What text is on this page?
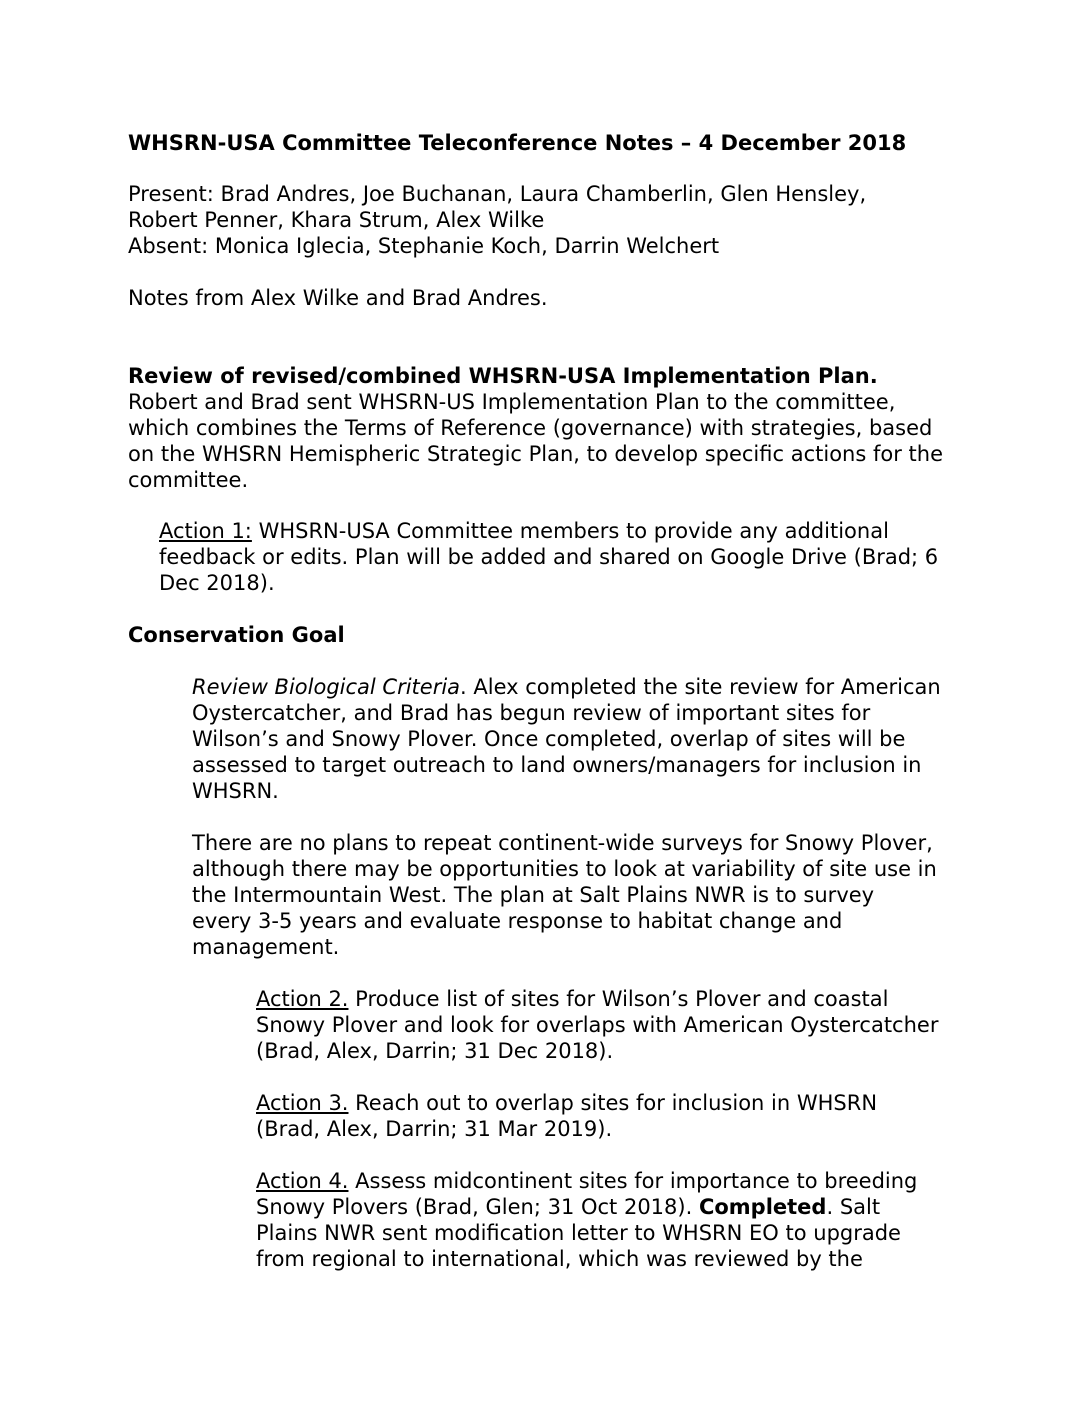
WHSRN-USA Committee Teleconference Notes – 4 December 2018
Present: Brad Andres, Joe Buchanan, Laura Chamberlin, Glen Hensley,
Robert Penner, Khara Strum, Alex Wilke
Absent: Monica Iglecia, Stephanie Koch, Darrin Welchert
Notes from Alex Wilke and Brad Andres.
Review of revised/combined WHSRN-USA Implementation Plan.
Robert and Brad sent WHSRN-US Implementation Plan to the committee,
which combines the Terms of Reference (governance) with strategies, based
on the WHSRN Hemispheric Strategic Plan, to develop specific actions for the
committee.
Action 1: WHSRN-USA Committee members to provide any additional
feedback or edits. Plan will be added and shared on Google Drive (Brad; 6
Dec 2018).
Conservation Goal
Review Biological Criteria. Alex completed the site review for American
Oystercatcher, and Brad has begun review of important sites for
Wilson’s and Snowy Plover. Once completed, overlap of sites will be
assessed to target outreach to land owners/managers for inclusion in
WHSRN.
There are no plans to repeat continent-wide surveys for Snowy Plover,
although there may be opportunities to look at variability of site use in
the Intermountain West. The plan at Salt Plains NWR is to survey
every 3-5 years and evaluate response to habitat change and
management.
Action 2. Produce list of sites for Wilson’s Plover and coastal
Snowy Plover and look for overlaps with American Oystercatcher
(Brad, Alex, Darrin; 31 Dec 2018).
Action 3. Reach out to overlap sites for inclusion in WHSRN
(Brad, Alex, Darrin; 31 Mar 2019).
Action 4. Assess midcontinent sites for importance to breeding
Snowy Plovers (Brad, Glen; 31 Oct 2018). Completed. Salt
Plains NWR sent modification letter to WHSRN EO to upgrade
from regional to international, which was reviewed by the
